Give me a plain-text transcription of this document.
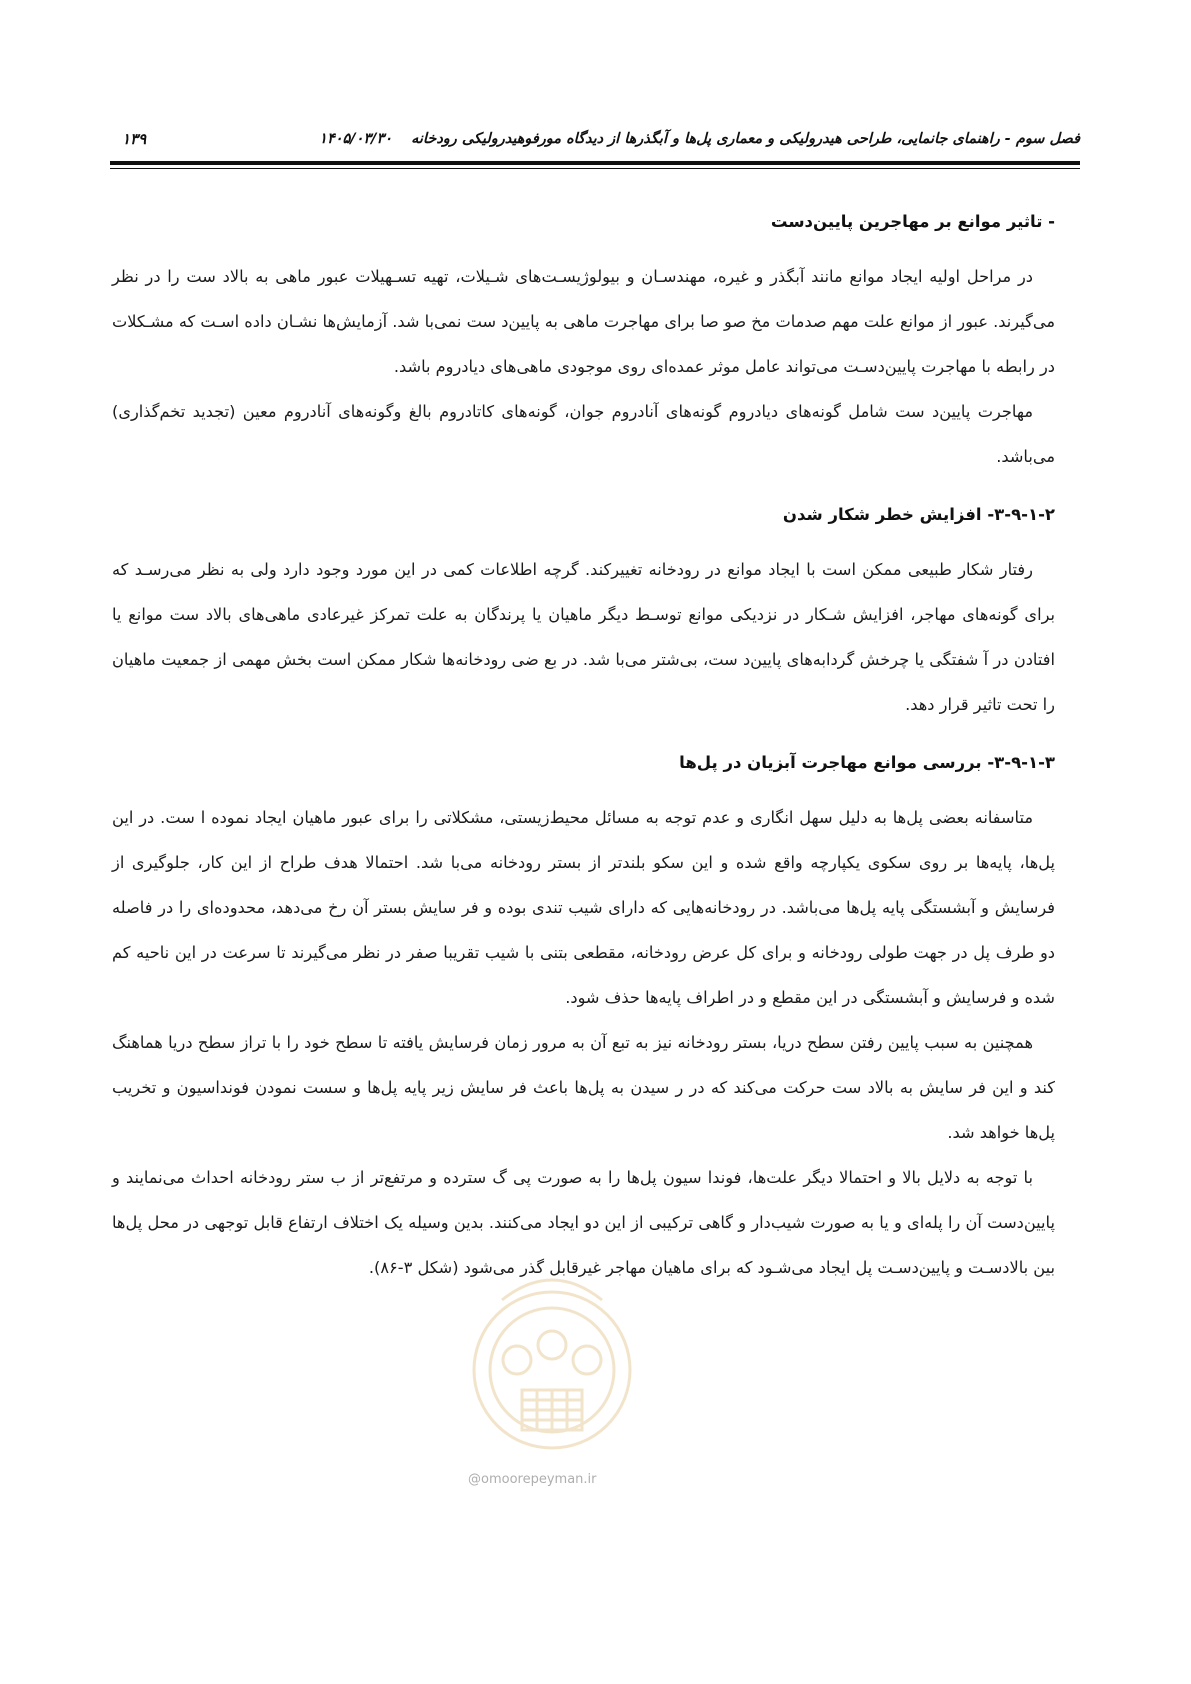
فصل سوم - راهنمای جانمایی، طراحی هیدرولیکی و معماری پل‌ها و آبگذرها از دیدگاه مورفوهیدرولیکی رودخانه ۱۴۰۵/۰۳/۳۰
۱۳۹
- تاثیر موانع بر مهاجرین پایین‌دست

در مراحل اولیه ایجاد موانع مانند آبگذر و غیره، مهندسـان و بیولوژیسـت‌های شـیلات، تهیه تسـهیلات عبور ماهی به بالاد ست را در نظر می‌گیرند. عبور از موانع علت مهم صدمات مخ صو صا برای مهاجرت ماهی به پایین‌د ست نمی‌با شد. آزمایش‌ها نشـان داده اسـت که مشـکلات در رابطه با مهاجرت پایین‌دسـت می‌تواند عامل موثر عمده‌ای روی موجودی ماهی‌های دیادروم باشد.

مهاجرت پایین‌د ست شامل گونه‌های دیادروم گونه‌های آنادروم جوان، گونه‌های کاتادروم بالغ وگونه‌های آنادروم معین (تجدید تخم‌گذاری) می‌باشد.

۳-۹-۱-۲- افزایش خطر شکار شدن

رفتار شکار طبیعی ممکن است با ایجاد موانع در رودخانه تغییرکند. گرچه اطلاعات کمی در این مورد وجود دارد ولی به نظر می‌رسـد که برای گونه‌های مهاجر، افزایش شـکار در نزدیکی موانع توسـط دیگر ماهیان یا پرندگان به علت تمرکز غیرعادی ماهی‌های بالاد ست موانع یا افتادن در آ شفتگی یا چرخش گردابه‌های پایین‌د ست، بی‌شتر می‌با شد. در بع ضی رودخانه‌ها شکار ممکن است بخش مهمی از جمعیت ماهیان را تحت تاثیر قرار دهد.

۳-۹-۱-۳- بررسی موانع مهاجرت آبزیان در پل‌ها

متاسفانه بعضی پل‌ها به دلیل سهل انگاری و عدم توجه به مسائل محیط‌زیستی، مشکلاتی را برای عبور ماهیان ایجاد نموده ا ست. در این پل‌ها، پایه‌ها بر روی سکوی یکپارچه واقع شده و این سکو بلندتر از بستر رودخانه می‌با شد. احتمالا هدف طراح از این کار، جلوگیری از فرسایش و آبشستگی پایه پل‌ها می‌باشد. در رودخانه‌هایی که دارای شیب تندی بوده و فر سایش بستر آن رخ می‌دهد، محدوده‌ای را در فاصله دو طرف پل در جهت طولی رودخانه و برای کل عرض رودخانه، مقطعی بتنی با شیب تقریبا صفر در نظر می‌گیرند تا سرعت در این ناحیه کم شده و فرسایش و آبشستگی در این مقطع و در اطراف پایه‌ها حذف شود.

همچنین به سبب پایین رفتن سطح دریا، بستر رودخانه نیز به تبع آن به مرور زمان فرسایش یافته تا سطح خود را با تراز سطح دریا هماهنگ کند و این فر سایش به بالاد ست حرکت می‌کند که در ر سیدن به پل‌ها باعث فر سایش زیر پایه پل‌ها و سست نمودن فونداسیون و تخریب پل‌ها خواهد شد.

با توجه به دلایل بالا و احتمالا دیگر علت‌ها، فوندا سیون پل‌ها را به صورت پی گ سترده و مرتفع‌تر از ب ستر رودخانه احداث می‌نمایند و پایین‌دست آن را پله‌ای و یا به صورت شیب‌دار و گاهی ترکیبی از این دو ایجاد می‌کنند. بدین وسیله یک اختلاف ارتفاع قابل توجهی در محل پل‌ها بین بالادسـت و پایین‌دسـت پل ایجاد می‌شـود که برای ماهیان مهاجر غیرقابل گذر می‌شود (شکل ۳-۸۶).

@omoorepeyman.ir
